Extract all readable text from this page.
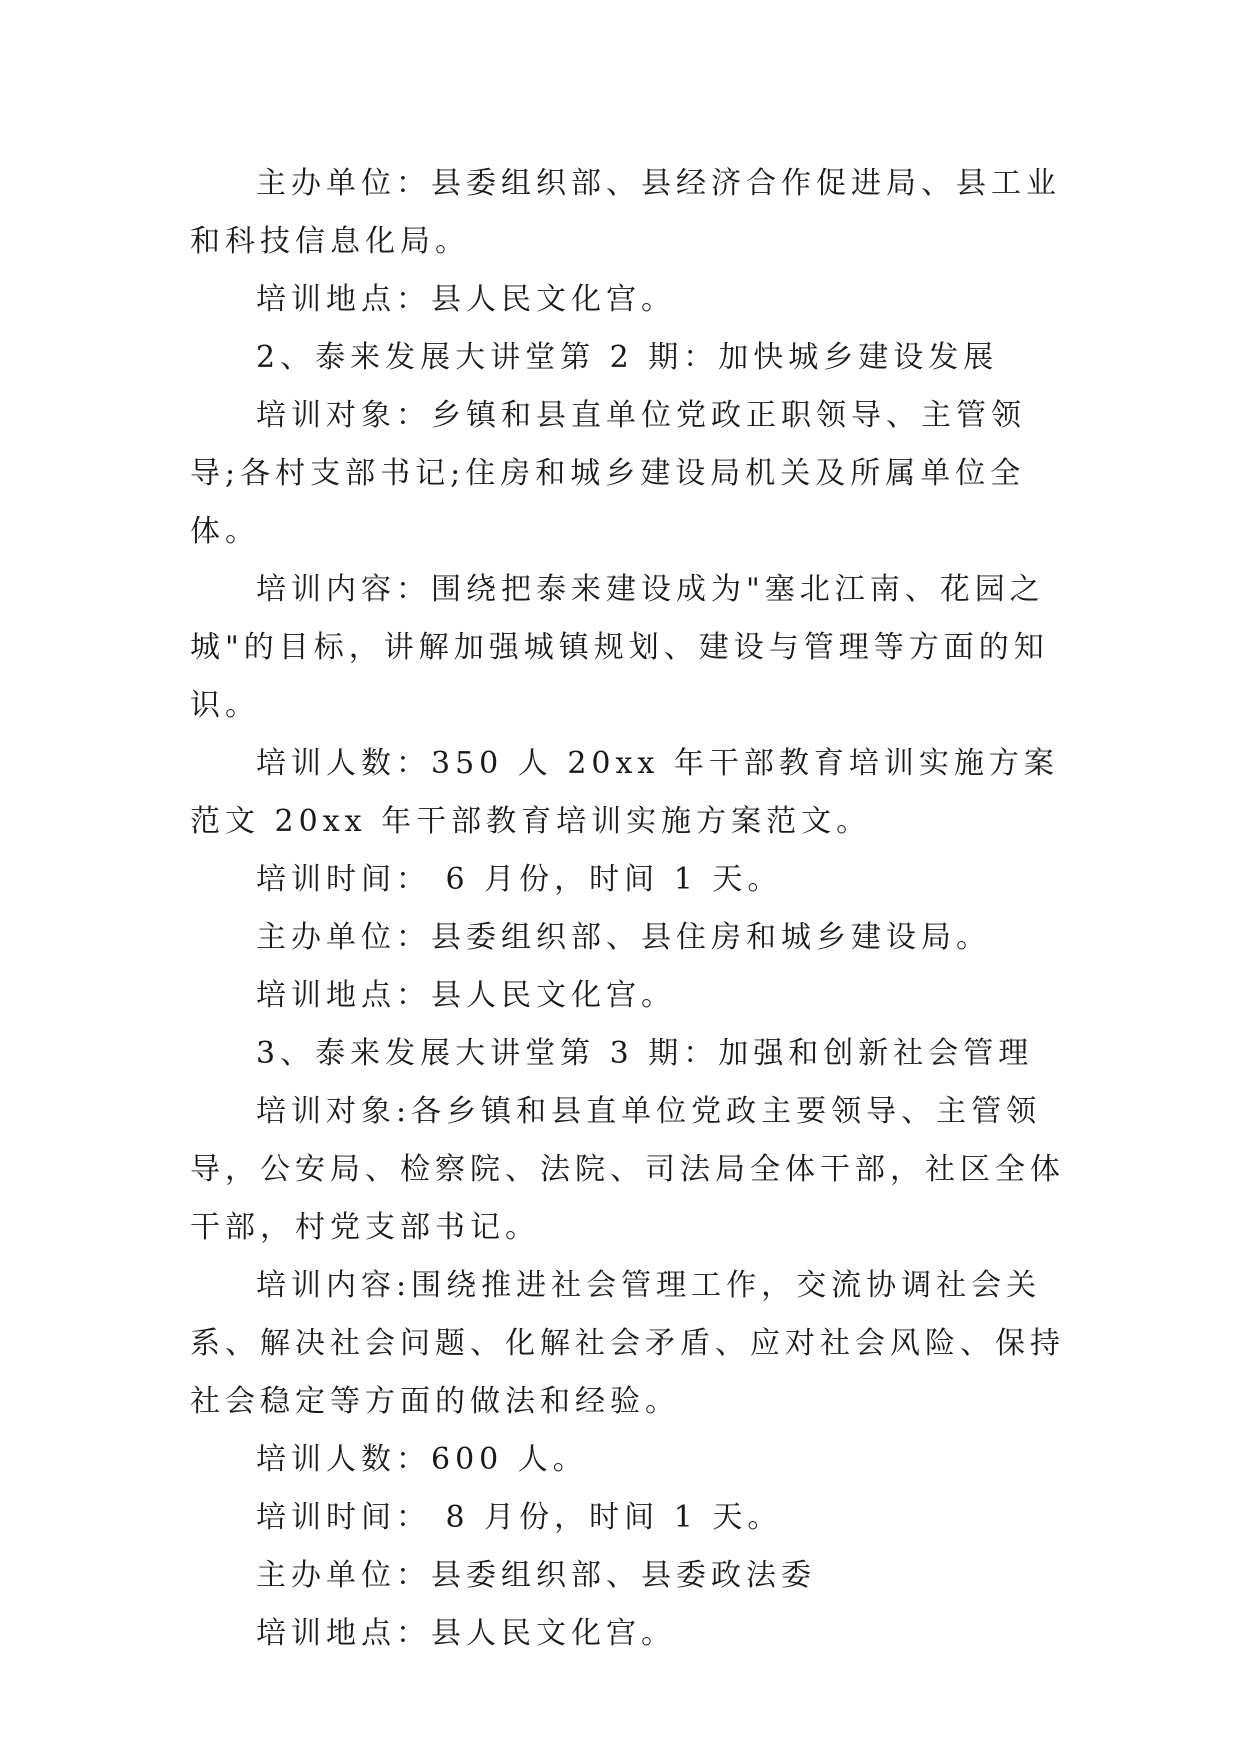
主办单位：县委组织部、县经济合作促进局、县工业和科技信息化局。

培训地点：县人民文化宫。

2、泰来发展大讲堂第 2 期：加快城乡建设发展

培训对象：乡镇和县直单位党政正职领导、主管领导;各村支部书记;住房和城乡建设局机关及所属单位全体。

培训内容：围绕把泰来建设成为"塞北江南、花园之城"的目标，讲解加强城镇规划、建设与管理等方面的知识。

培训人数：350 人 20xx 年干部教育培训实施方案范文 20xx 年干部教育培训实施方案范文。

培训时间： 6 月份，时间 1 天。

主办单位：县委组织部、县住房和城乡建设局。

培训地点：县人民文化宫。

3、泰来发展大讲堂第 3 期：加强和创新社会管理

培训对象:各乡镇和县直单位党政主要领导、主管领导，公安局、检察院、法院、司法局全体干部，社区全体干部，村党支部书记。

培训内容:围绕推进社会管理工作，交流协调社会关系、解决社会问题、化解社会矛盾、应对社会风险、保持社会稳定等方面的做法和经验。

培训人数：600 人。

培训时间： 8 月份，时间 1 天。

主办单位：县委组织部、县委政法委

培训地点：县人民文化宫。
